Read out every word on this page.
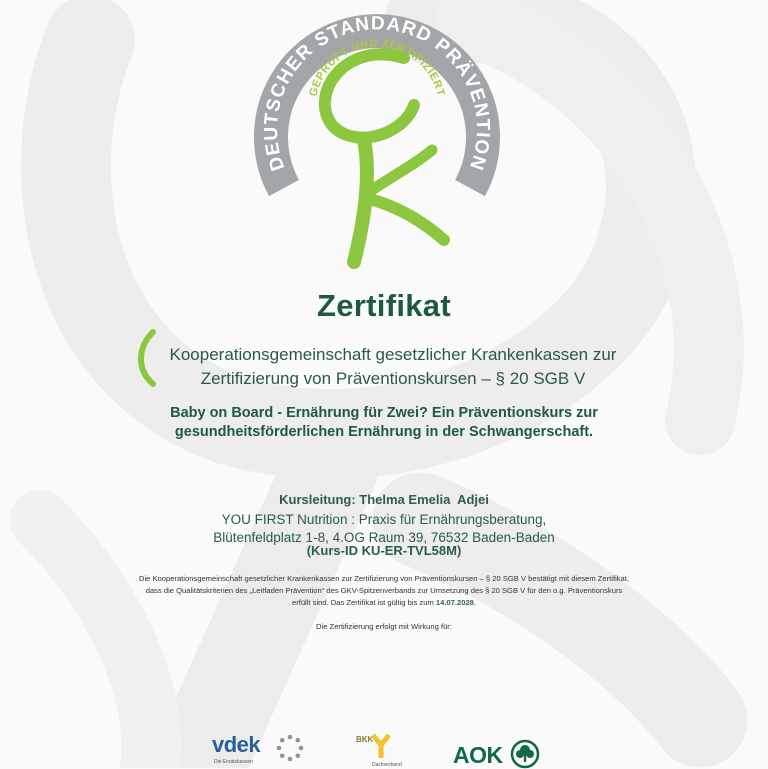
DEUTSCHER STANDARD PRÄVENTION
GEPRÜFT UND ZERTIFIZIERT
Zertifikat
Kooperationsgemeinschaft gesetzlicher Krankenkassen zur
Zertifizierung von Präventionskursen – § 20 SGB V
Baby on Board - Ernährung für Zwei? Ein Präventionskurs zur
gesundheitsförderlichen Ernährung in der Schwangerschaft.

Kursleitung: Thelma Emelia  Adjei

(Kurs-ID KU-ER-TVL58M)

YOU FIRST Nutrition : Praxis für Ernährungsberatung,
Blütenfeldplatz 1-8, 4.OG Raum 39, 76532 Baden-Baden
Die Kooperationsgemeinschaft gesetzlicher Krankenkassen zur Zertifizierung von Präventionskursen – § 20 SGB V bestätigt mit diesem Zertifikat,
dass die Qualitätskriterien des „Leitfaden Prävention“ des GKV-Spitzenverbands zur Umsetzung des § 20 SGB V für den o.g. Präventionskurs
erfüllt sind. Das Zertifikat ist gültig bis zum 14.07.2028.
Die Zertifizierung erfolgt mit Wirkung für:
vdek
Die Ersatzkassen
BKK
Dachverband AOK
